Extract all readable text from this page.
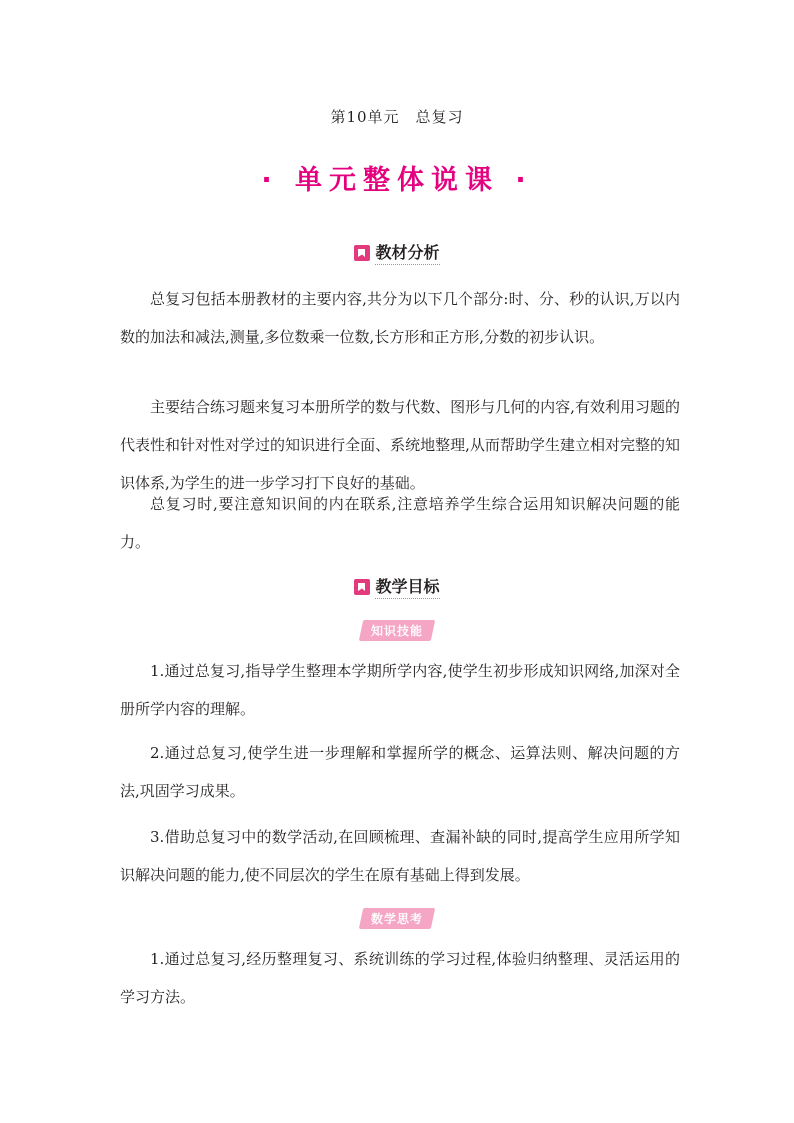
第10单元 总复习
· 单元整体说课 ·
教材分析

总复习包括本册教材的主要内容,共分为以下几个部分:时、分、秒的认识,万以内数的加法和减法,测量,多位数乘一位数,长方形和正方形,分数的初步认识。

主要结合练习题来复习本册所学的数与代数、图形与几何的内容,有效利用习题的代表性和针对性对学过的知识进行全面、系统地整理,从而帮助学生建立相对完整的知识体系,为学生的进一步学习打下良好的基础。

总复习时,要注意知识间的内在联系,注意培养学生综合运用知识解决问题的能力。

教学目标
知识技能

1.通过总复习,指导学生整理本学期所学内容,使学生初步形成知识网络,加深对全册所学内容的理解。

2.通过总复习,使学生进一步理解和掌握所学的概念、运算法则、解决问题的方法,巩固学习成果。

3.借助总复习中的数学活动,在回顾梳理、查漏补缺的同时,提高学生应用所学知识解决问题的能力,使不同层次的学生在原有基础上得到发展。

数学思考

1.通过总复习,经历整理复习、系统训练的学习过程,体验归纳整理、灵活运用的学习方法。
